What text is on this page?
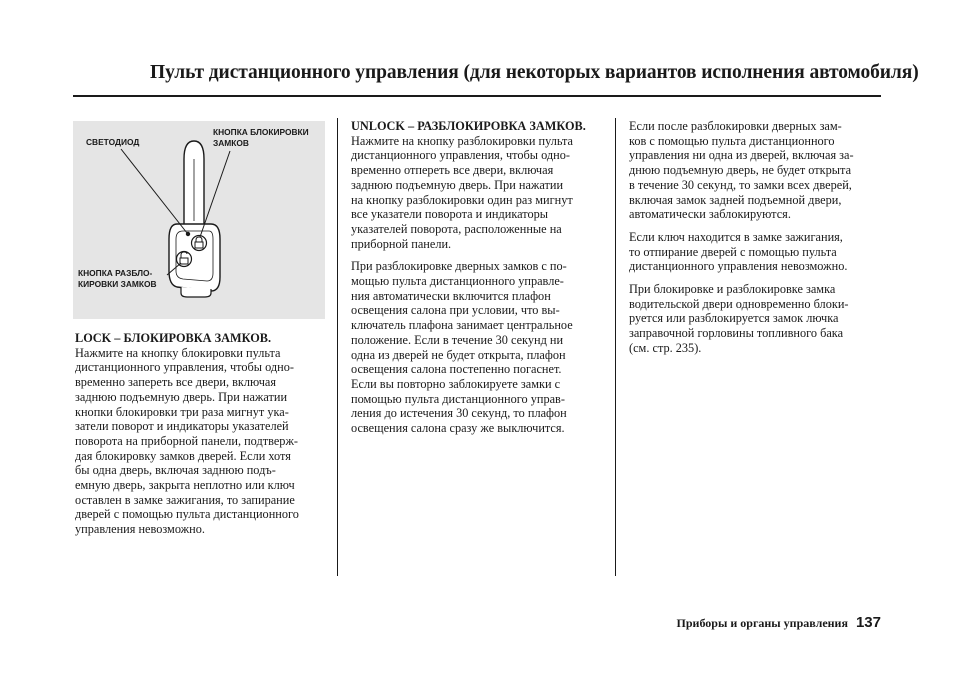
Пульт дистанционного управления (для некоторых вариантов исполнения автомобиля)
СВЕТОДИОД
КНОПКА БЛОКИРОВКИ
ЗАМКОВ
КНОПКА РАЗБЛО-
КИРОВКИ ЗАМКОВ
LOCK – БЛОКИРОВКА ЗАМКОВ.
Нажмите на кнопку блокировки пульта
дистанционного управления, чтобы одно-
временно запереть все двери, включая
заднюю подъемную дверь. При нажатии
кнопки блокировки три раза мигнут ука-
затели поворот и индикаторы указателей
поворота на приборной панели, подтверж-
дая блокировку замков дверей. Если хотя
бы одна дверь, включая заднюю подъ-
емную дверь, закрыта неплотно или ключ
оставлен в замке зажигания, то запирание
дверей с помощью пульта дистанционного
управления невозможно.

UNLOCK – РАЗБЛОКИРОВКА ЗАМКОВ.
Нажмите на кнопку разблокировки пульта
дистанционного управления, чтобы одно-
временно отпереть все двери, включая
заднюю подъемную дверь. При нажатии
на кнопку разблокировки один раз мигнут
все указатели поворота и индикаторы
указателей поворота, расположенные на
приборной панели.

При разблокировке дверных замков с по-
мощью пульта дистанционного управле-
ния автоматически включится плафон
освещения салона при условии, что вы-
ключатель плафона занимает центральное
положение. Если в течение 30 секунд ни
одна из дверей не будет открыта, плафон
освещения салона постепенно погаснет.
Если вы повторно заблокируете замки с
помощью пульта дистанционного управ-
ления до истечения 30 секунд, то плафон
освещения салона сразу же выключится.

Если после разблокировки дверных зам-
ков с помощью пульта дистанционного
управления ни одна из дверей, включая за-
днюю подъемную дверь, не будет открыта
в течение 30 секунд, то замки всех дверей,
включая замок задней подъемной двери,
автоматически заблокируются.

Если ключ находится в замке зажигания,
то отпирание дверей с помощью пульта
дистанционного управления невозможно.

При блокировке и разблокировке замка
водительской двери одновременно блоки-
руется или разблокируется замок лючка
заправочной горловины топливного бака
(см. стр. 235).

Приборы и органы управления 137
